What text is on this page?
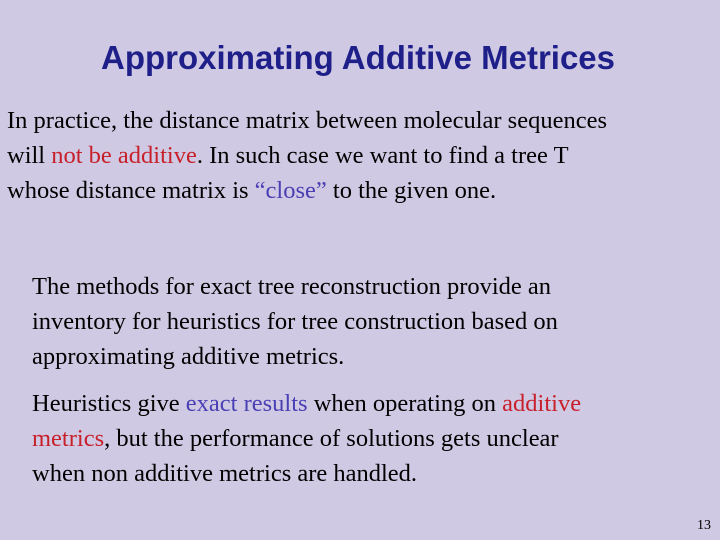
Approximating Additive Metrices

In practice, the distance matrix between molecular sequences
will not be additive. In such case we want to find a tree T
whose distance matrix is “close” to the given one.

The methods for exact tree reconstruction provide an
inventory for heuristics for tree construction based on
approximating additive metrics.

Heuristics give exact results when operating on additive
metrics, but the performance of solutions gets unclear
when non additive metrics are handled.

13
